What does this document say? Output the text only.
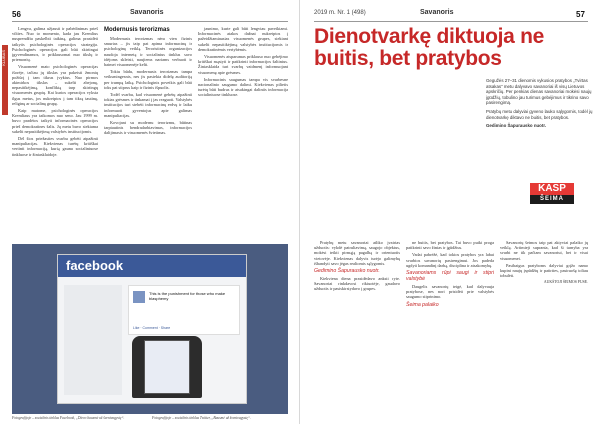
56	Savanoris
KLUBAS

Lengva, galima užjausti ir pabėdinimas prieš vilties. Nuo to momento, kada jau Kremlius nusprendžia paskelbti taikiną, galima prasidėti taikytis psichologinės operacijos strategija. Psichologinės operacijos gali būti skirtingai įgyvendinamos, ir priklausomai nuo tikslų ir priemonių.

Visuomenė mato psichologinės operacijas išorėje, tačiau jų tikslas yra pakeisti žmonių požiūrį į tam tikrus įvykius. Nuo pirmos akimirkos tikslas – sukelti abejonę, nepasitikėjimą, konfliktą tarp skirtingų visuomenės grupių. Kai kurios operacijos vyksta ilgus metus, jos nukreiptos į tam tikrą tautinę, religinę ar socialinę grupę.

Kaip matome, psichologinės operacijos Kremliaus yra taikomos nuo seno. Jau 1999 m. buvo pradėtos taikyti informacinės operacijos prieš demokratines šalis. Jų metu buvo siekiama sukelti nepasitikėjimą valstybės institucijomis.

Dėl šios priežasties svarbu gebėti atpažinti manipuliacijas. Kiekvienas turėtų kritiškai vertinti informaciją, kurią gauna socialiniuose tinkluose ir žiniasklaidoje.

Modernusis terorizmas

Modernusis terorizmas nėra vien fizinis smurtas – jis taip pat apima informacinę ir psichologinę veiklą. Teroristinės organizacijos naudoja internetą ir socialinius tinklus savo idėjoms skleisti, naujiems nariams verbuoti ir baimei visuomenėje kelti.

Tokiu būdu, modernusis terorizmas tampa veiksmingesnis, nes jis pasiekia didelę auditoriją per trumpą laiką. Psichologinis poveikis gali būti toks pat stiprus kaip ir fizinis išpuolis.

Todėl svarbu, kad visuomenė gebėtų atpažinti tokias grėsmes ir tinkamai į jas reaguoti. Valstybės institucijos turi stebėti informacinę erdvę ir laiku informuoti gyventojus apie galimas manipuliacijas.

Kovojant su modernu terorizmu, būtinas tarptautinis bendradarbiavimas, informacijos dalijimasis ir visuomenės švietimas.

jaunimo, kurie gali būti lengviau paveikiami. Informacinės atakos dažnai nukreiptos į pažeidžiamiausias visuomenės grupes, siekiant sukelti nepasitikėjimą valstybės institucijomis ir demokratinėmis vertybėmis.

Visuomenės atsparumas priklauso nuo gebėjimo kritiškai mąstyti ir patikrinti informacijos šaltinius. Žiniasklaida turi svarbų vaidmenį informuojant visuomenę apie grėsmes.

Informacinis saugumas tampa vis svarbesne nacionalinio saugumo dalimi. Kiekvienas pilietis turėtų būti budrus ir atsakingai dalintis informacija socialiniuose tinkluose.

facebook
This is the punishment for those who make blasphemy
Like · Comment · Share
Fotografijoje – socialinis tinklas Facebook, „Dievo bausmė už šventvagystę“.	Fotografijoje – socialinis tinklas Twitter, „Bausmė už šventvagystę“.
2019 m. Nr. 1 (498)	Savanoris	57
Dienotvarkę diktuoja ne buitis, bet pratybos

Gegužės 27–31 dienomis vykusios pratybos „Tvirtas atsakas“ metu dalyvavo savanoriai iš visų Lietuvos apskričių. Per penkias dienas savanoriai mokėsi naujų įgūdžių, tobulino jau turimus gebėjimus ir tikrino savo pasirengimą.

Pratybų metu dalyviai gyveno lauko sąlygomis, todėl jų dienotvarkę diktavo ne buitis, bet pratybos.

Gedimino Šapurausko nuotr.

KASP
ŠEIMA

Pratybų metu savanoriai atliko įvairias užduotis: vykdė patruliavimą, saugojo objektus, mokėsi teikti pirmąją pagalbą ir orientuotis vietovėje. Kiekvienas dalyvis turėjo galimybę išbandyti savo jėgas realiomis sąlygomis.

Gedimino Šapurausko nuotr.

Kiekviena diena prasidėdavo anksti ryte. Savanoriai rinkdavosi rikiuotėje, gaudavo užduotis ir pasiskirstydavo į grupes.

ne buitis, bet pratybos. Tai buvo puiki proga patikrinti savo žinias ir įgūdžius.

Vadai pabrėžė, kad tokios pratybos yra labai svarbios savanorių pasirengimui. Jos padeda ugdyti komandinį darbą, disciplina ir atsakomybę.

Savanoriams rūpi saugi ir stipri valstybė

Daugelis savanorių teigė, kad dalyvauja pratybose, nes nori prisidėti prie valstybės saugumo stiprinimo.

Šeima palaiko

Savanorių šeimos taip pat aktyviai palaiko jų veiklą. Artimieji supranta, kad ši tarnyba yra svarbi ne tik pačiam savanoriui, bet ir visai visuomenei.

Pasibaigus pratyboms dalyviai grįžo namo kupini naujų įspūdžių ir patirties, pasiruošę toliau tobulėti.

AUKŠTOJI ŠEIMOS PUSE.
